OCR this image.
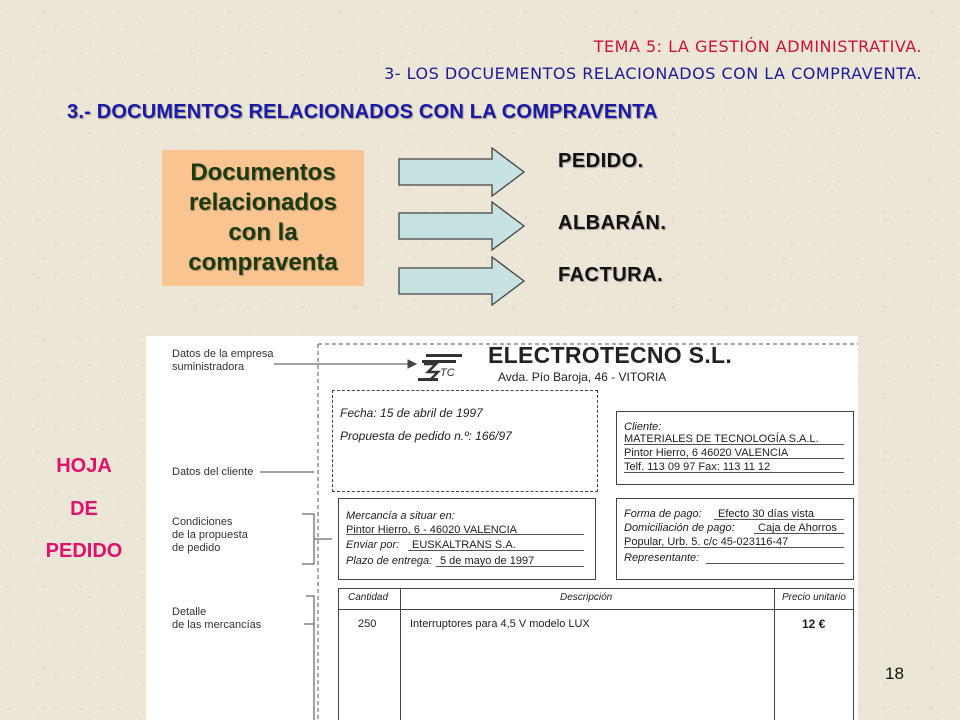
TEMA 5: LA GESTIÓN ADMINISTRATIVA.
3- LOS DOCUEMENTOS RELACIONADOS CON LA COMPRAVENTA.
3.- DOCUMENTOS RELACIONADOS CON LA COMPRAVENTA
Documentos
relacionados
con la
compraventa
PEDIDO.
ALBARÁN.
FACTURA.
HOJA
DE
PEDIDO
Datos de la empresa
suministradora
Datos del cliente
Condiciones
de la propuesta
de pedido
Detalle
de las mercancías
TC
ELECTROTECNO S.L.
Avda. Pío Baroja, 46 - VITORIA
Fecha: 15 de abril de 1997
Propuesta de pedido n.º: 166/97
Cliente:
MATERIALES DE TECNOLOGÍA S.A.L.
Pintor Hierro, 6 46020 VALENCIA
Telf. 113 09 97 Fax: 113 11 12
Mercancía a situar en:
Pintor Hierro, 6 - 46020 VALENCIA
Enviar por: EUSKALTRANS S.A.
Plazo de entrega: 5 de mayo de 1997
Forma de pago: Efecto 30 días vista
Domiciliación de pago: Caja de Ahorros
Popular, Urb. 5. c/c 45-023116-47
Representante:
Cantidad	Descripción	Precio unitario
250	Interruptores para 4,5 V modelo LUX	12 €
18
